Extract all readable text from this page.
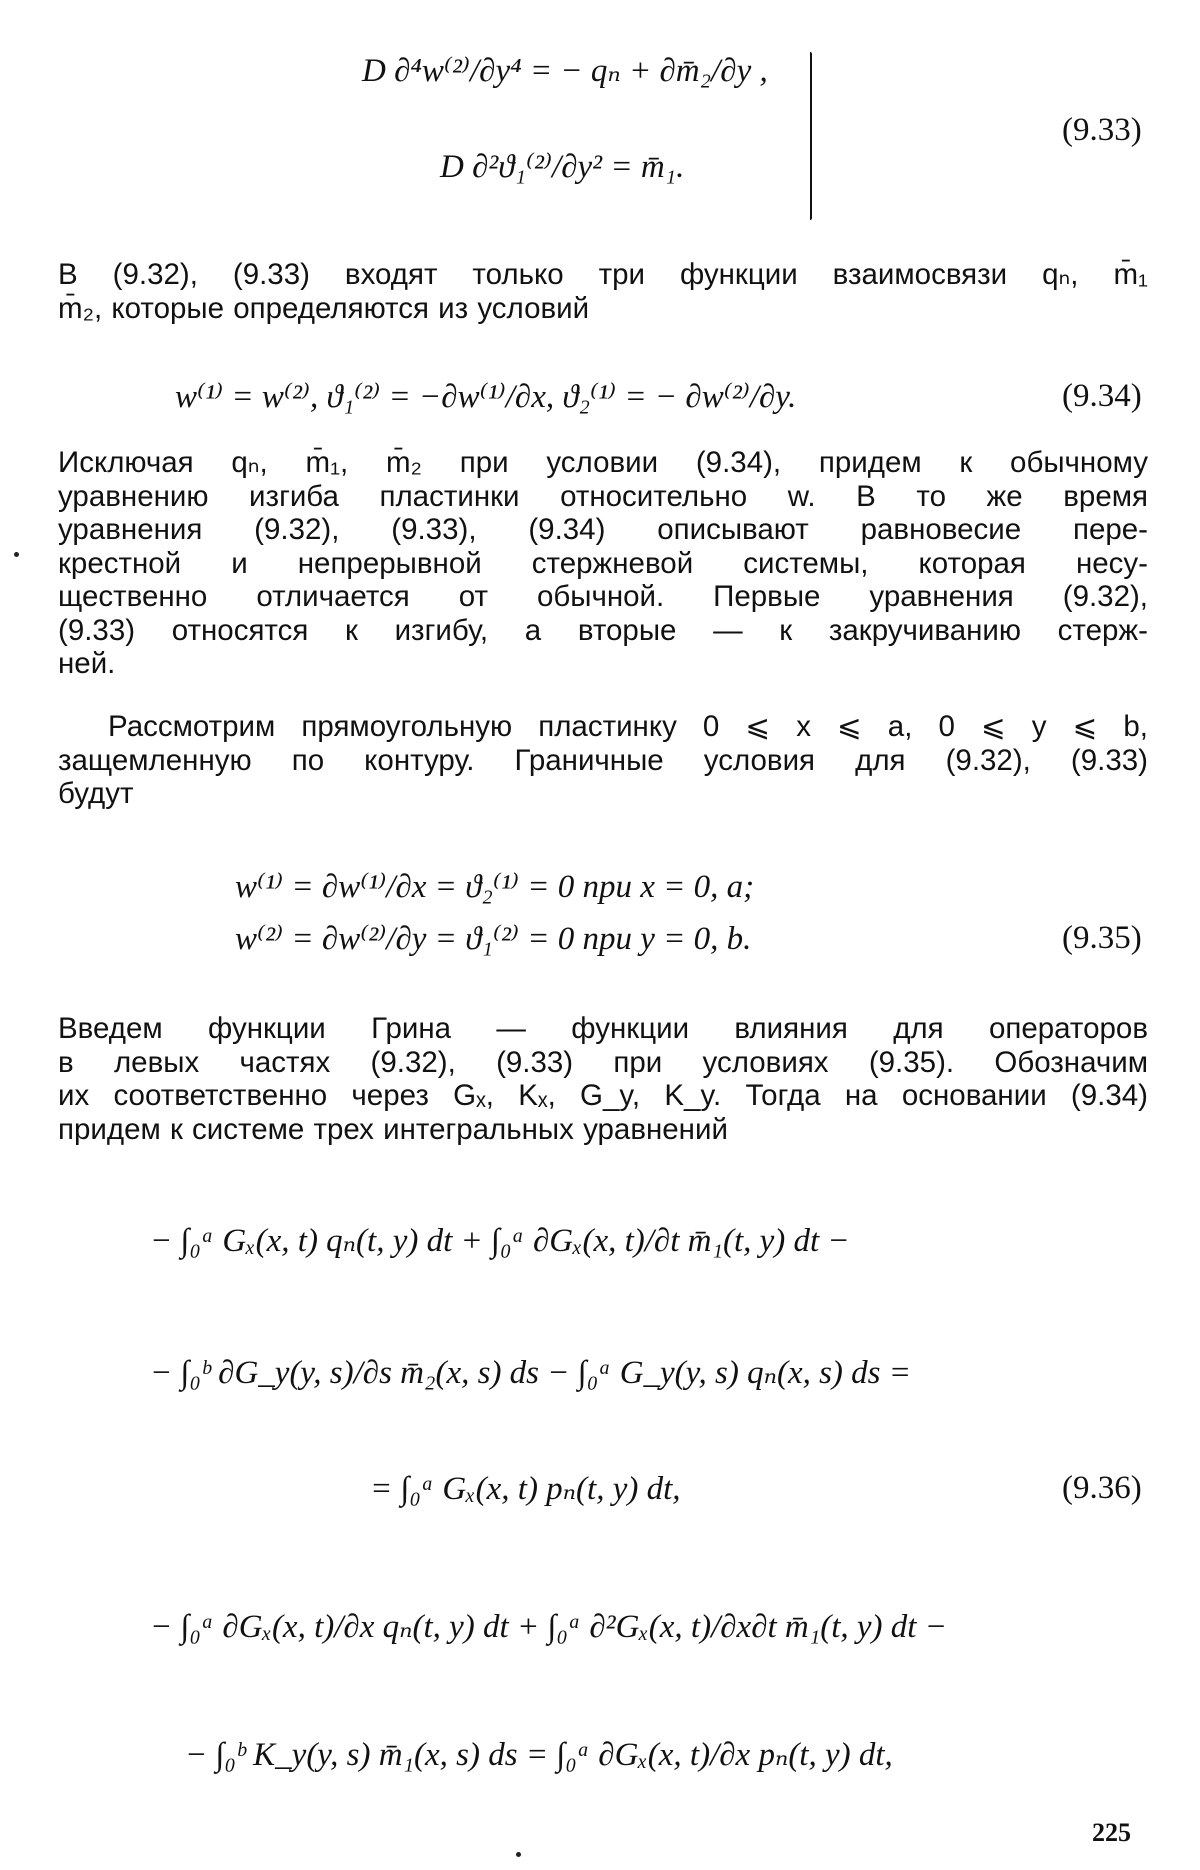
D ∂⁴w⁽²⁾/∂y⁴ = − qₙ + ∂m̄₂/∂y ,
D ∂²ϑ₁⁽²⁾/∂y² = m̄₁.
(9.33)
В (9.32), (9.33) входят только три функции взаимосвязи qₙ, m̄₁
m̄₂, которые определяются из условий
w⁽¹⁾ = w⁽²⁾, ϑ₁⁽²⁾ = −∂w⁽¹⁾/∂x, ϑ₂⁽¹⁾ = − ∂w⁽²⁾/∂y.	(9.34)
Исключая qₙ, m̄₁, m̄₂ при условии (9.34), придем к обычному
уравнению изгиба пластинки относительно w. В то же время
уравнения (9.32), (9.33), (9.34) описывают равновесие пере-
крестной и непрерывной стержневой системы, которая несу-
щественно отличается от обычной. Первые уравнения (9.32),
(9.33) относятся к изгибу, а вторые — к закручиванию стерж-
ней.
Рассмотрим прямоугольную пластинку 0 ⩽ x ⩽ a, 0 ⩽ y ⩽ b,
защемленную по контуру. Граничные условия для (9.32), (9.33)
будут
w⁽¹⁾ = ∂w⁽¹⁾/∂x = ϑ₂⁽¹⁾ = 0 при x = 0, a;
w⁽²⁾ = ∂w⁽²⁾/∂y = ϑ₁⁽²⁾ = 0 при y = 0, b.	(9.35)
Введем функции Грина — функции влияния для операторов
в левых частях (9.32), (9.33) при условиях (9.35). Обозначим
их соответственно через Gₓ, Kₓ, G_y, K_y. Тогда на основании (9.34)
придем к системе трех интегральных уравнений
− ∫₀ᵃ Gₓ(x, t) qₙ(t, y) dt + ∫₀ᵃ ∂Gₓ(x, t)/∂t m̄₁(t, y) dt −
− ∫₀ᵇ ∂G_y(y, s)/∂s m̄₂(x, s) ds − ∫₀ᵃ G_y(y, s) qₙ(x, s) ds =
= ∫₀ᵃ Gₓ(x, t) pₙ(t, y) dt,	(9.36)
− ∫₀ᵃ ∂Gₓ(x, t)/∂x qₙ(t, y) dt + ∫₀ᵃ ∂²Gₓ(x, t)/∂x∂t m̄₁(t, y) dt −
− ∫₀ᵇ K_y(y, s) m̄₁(x, s) ds = ∫₀ᵃ ∂Gₓ(x, t)/∂x pₙ(t, y) dt,
225
